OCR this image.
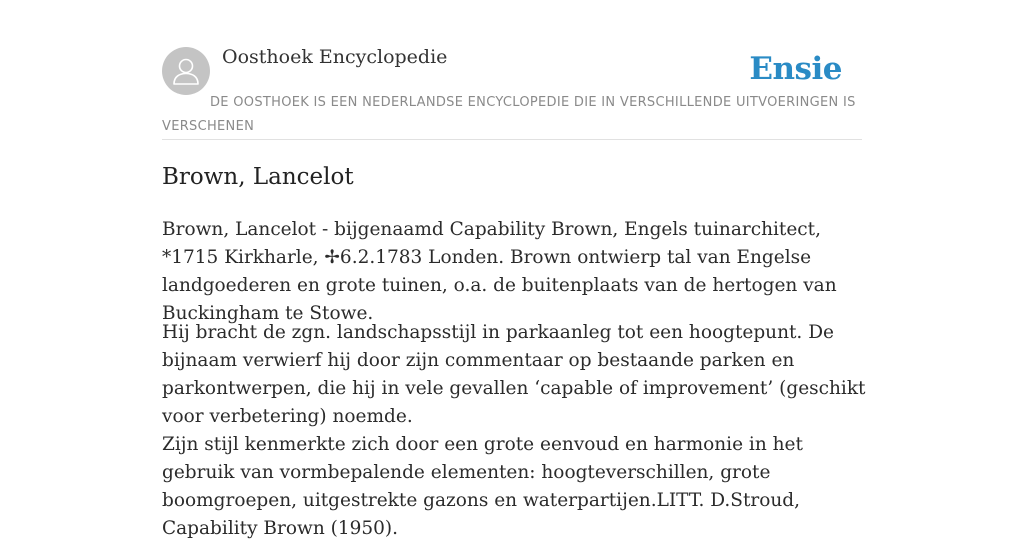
Oosthoek Encyclopedie	Ensie
DE OOSTHOEK IS EEN NEDERLANDSE ENCYCLOPEDIE DIE IN VERSCHILLENDE UITVOERINGEN IS VERSCHENEN
Brown, Lancelot

Brown, Lancelot - bijgenaamd Capability Brown, Engels tuinarchitect, *1715 Kirkharle, ✢6.2.1783 Londen. Brown ontwierp tal van Engelse landgoederen en grote tuinen, o.a. de buitenplaats van de hertogen van Buckingham te Stowe.

Hij bracht de zgn. landschapsstijl in parkaanleg tot een hoogtepunt. De bijnaam verwierf hij door zijn commentaar op bestaande parken en parkontwerpen, die hij in vele gevallen ‘capable of improvement’ (geschikt voor verbetering) noemde.

Zijn stijl kenmerkte zich door een grote eenvoud en harmonie in het gebruik van vormbepalende elementen: hoogteverschillen, grote boomgroepen, uitgestrekte gazons en waterpartijen.LITT. D.Stroud, Capability Brown (1950).
